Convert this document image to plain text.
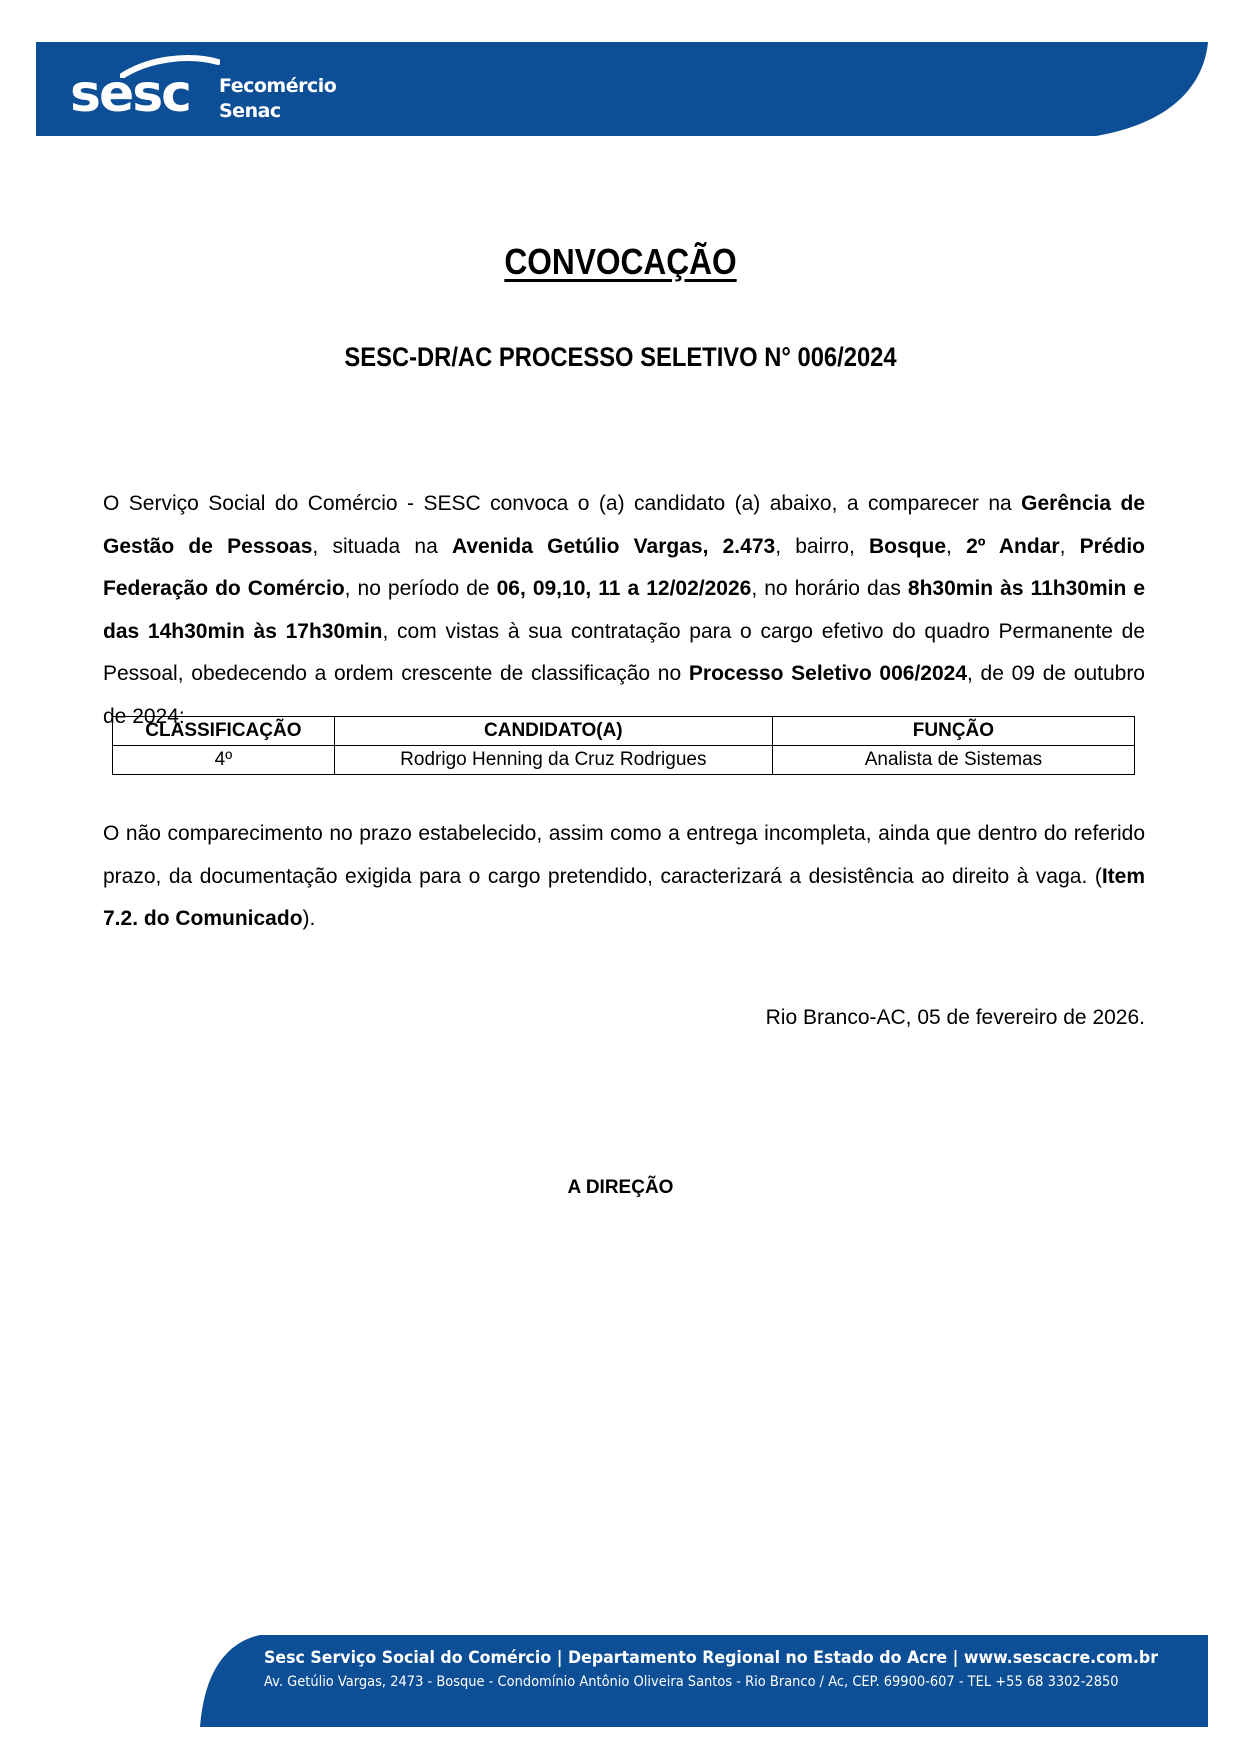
sesc Fecomércio
Senac
CONVOCAÇÃO
SESC-DR/AC PROCESSO SELETIVO N° 006/2024
O Serviço Social do Comércio - SESC convoca o (a) candidato (a) abaixo, a comparecer na Gerência de Gestão de Pessoas, situada na Avenida Getúlio Vargas, 2.473, bairro, Bosque, 2º Andar, Prédio Federação do Comércio, no período de 06, 09,10, 11 a 12/02/2026, no horário das 8h30min às 11h30min e das 14h30min às 17h30min, com vistas à sua contratação para o cargo efetivo do quadro Permanente de Pessoal, obedecendo a ordem crescente de classificação no Processo Seletivo 006/2024, de 09 de outubro de 2024:
CLASSIFICAÇÃO	CANDIDATO(A)	FUNÇÃO
4º	Rodrigo Henning da Cruz Rodrigues	Analista de Sistemas
O não comparecimento no prazo estabelecido, assim como a entrega incompleta, ainda que dentro do referido prazo, da documentação exigida para o cargo pretendido, caracterizará a desistência ao direito à vaga. (Item 7.2. do Comunicado).
Rio Branco-AC, 05 de fevereiro de 2026.
A DIREÇÃO
Sesc Serviço Social do Comércio | Departamento Regional no Estado do Acre | www.sescacre.com.br
Av. Getúlio Vargas, 2473 - Bosque - Condomínio Antônio Oliveira Santos - Rio Branco / Ac, CEP. 69900-607 - TEL +55 68 3302-2850
